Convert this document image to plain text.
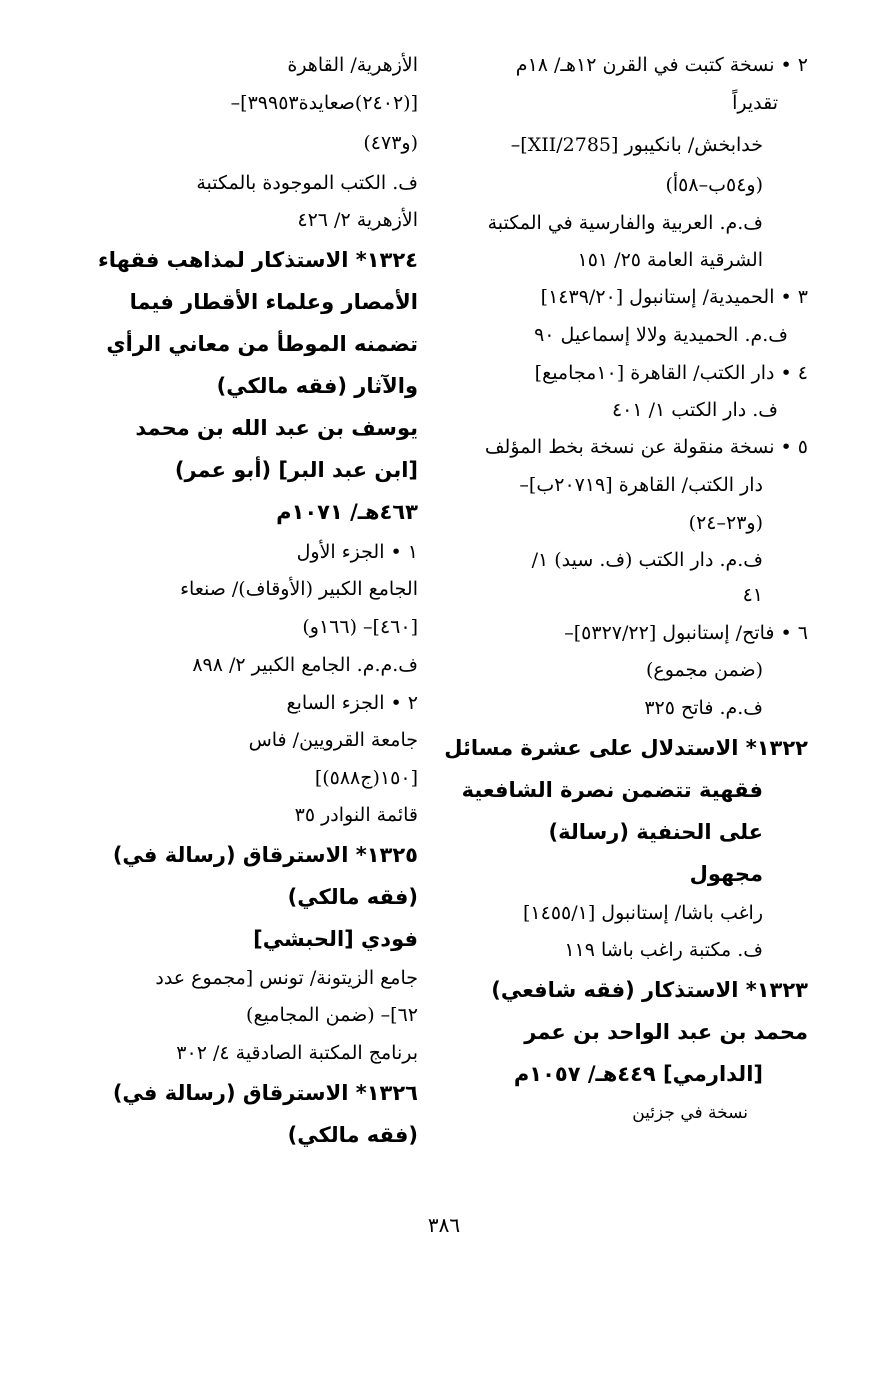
٢ • نسخة كتبت في القرن ١٢هـ/ ١٨م
تقديراً
خدابخش/ بانكيبور [2785/XII]–
(و٥٤ب–٥٨أ)
ف.م. العربية والفارسية في المكتبة
الشرقية العامة ٢٥/ ١٥١
٣ • الحميدية/ إستانبول [١٤٣٩/٢٠]
ف.م. الحميدية ولالا إسماعيل ٩٠
٤ • دار الكتب/ القاهرة [١٠مجاميع]
ف. دار الكتب ١/ ٤٠١
٥ • نسخة منقولة عن نسخة بخط المؤلف
دار الكتب/ القاهرة [٢٠٧١٩ب]–
(و٢٣–٢٤)
ف.م. دار الكتب (ف. سيد) ١/
٤١
٦ • فاتح/ إستانبول [٥٣٢٧/٢٢]–
(ضمن مجموع)
ف.م. فاتح ٣٢٥
١٣٢٢* الاستدلال على عشرة مسائل
فقهية تتضمن نصرة الشافعية
على الحنفية (رسالة)
مجهول
راغب باشا/ إستانبول [١٤٥٥/١]
ف. مكتبة راغب باشا ١١٩
١٣٢٣* الاستذكار (فقه شافعي)
محمد بن عبد الواحد بن عمر
[الدارمي] ٤٤٩هـ/ ١٠٥٧م
نسخة في جزئين
الأزهرية/ القاهرة
[(٢٤٠٢)صعايدة٣٩٩٥٣]–
(و٤٧٣)
ف. الكتب الموجودة بالمكتبة
الأزهرية ٢/ ٤٢٦
١٣٢٤* الاستذكار لمذاهب فقهاء
الأمصار وعلماء الأقطار فيما
تضمنه الموطأ من معاني الرأي
والآثار (فقه مالكي)
يوسف بن عبد الله بن محمد
[ابن عبد البر] (أبو عمر)
٤٦٣هـ/ ١٠٧١م
١ • الجزء الأول
الجامع الكبير (الأوقاف)/ صنعاء
[٤٦٠]– (١٦٦و)
ف.م.م. الجامع الكبير ٢/ ٨٩٨
٢ • الجزء السابع
جامعة القرويين/ فاس
[١٥٠(ج٥٨٨)]
قائمة النوادر ٣٥
١٣٢٥* الاسترقاق (رسالة في)
(فقه مالكي)
فودي [الحبشي]
جامع الزيتونة/ تونس [مجموع عدد
٦٢]– (ضمن المجاميع)
برنامج المكتبة الصادقية ٤/ ٣٠٢
١٣٢٦* الاسترقاق (رسالة في)
(فقه مالكي)
٣٨٦
